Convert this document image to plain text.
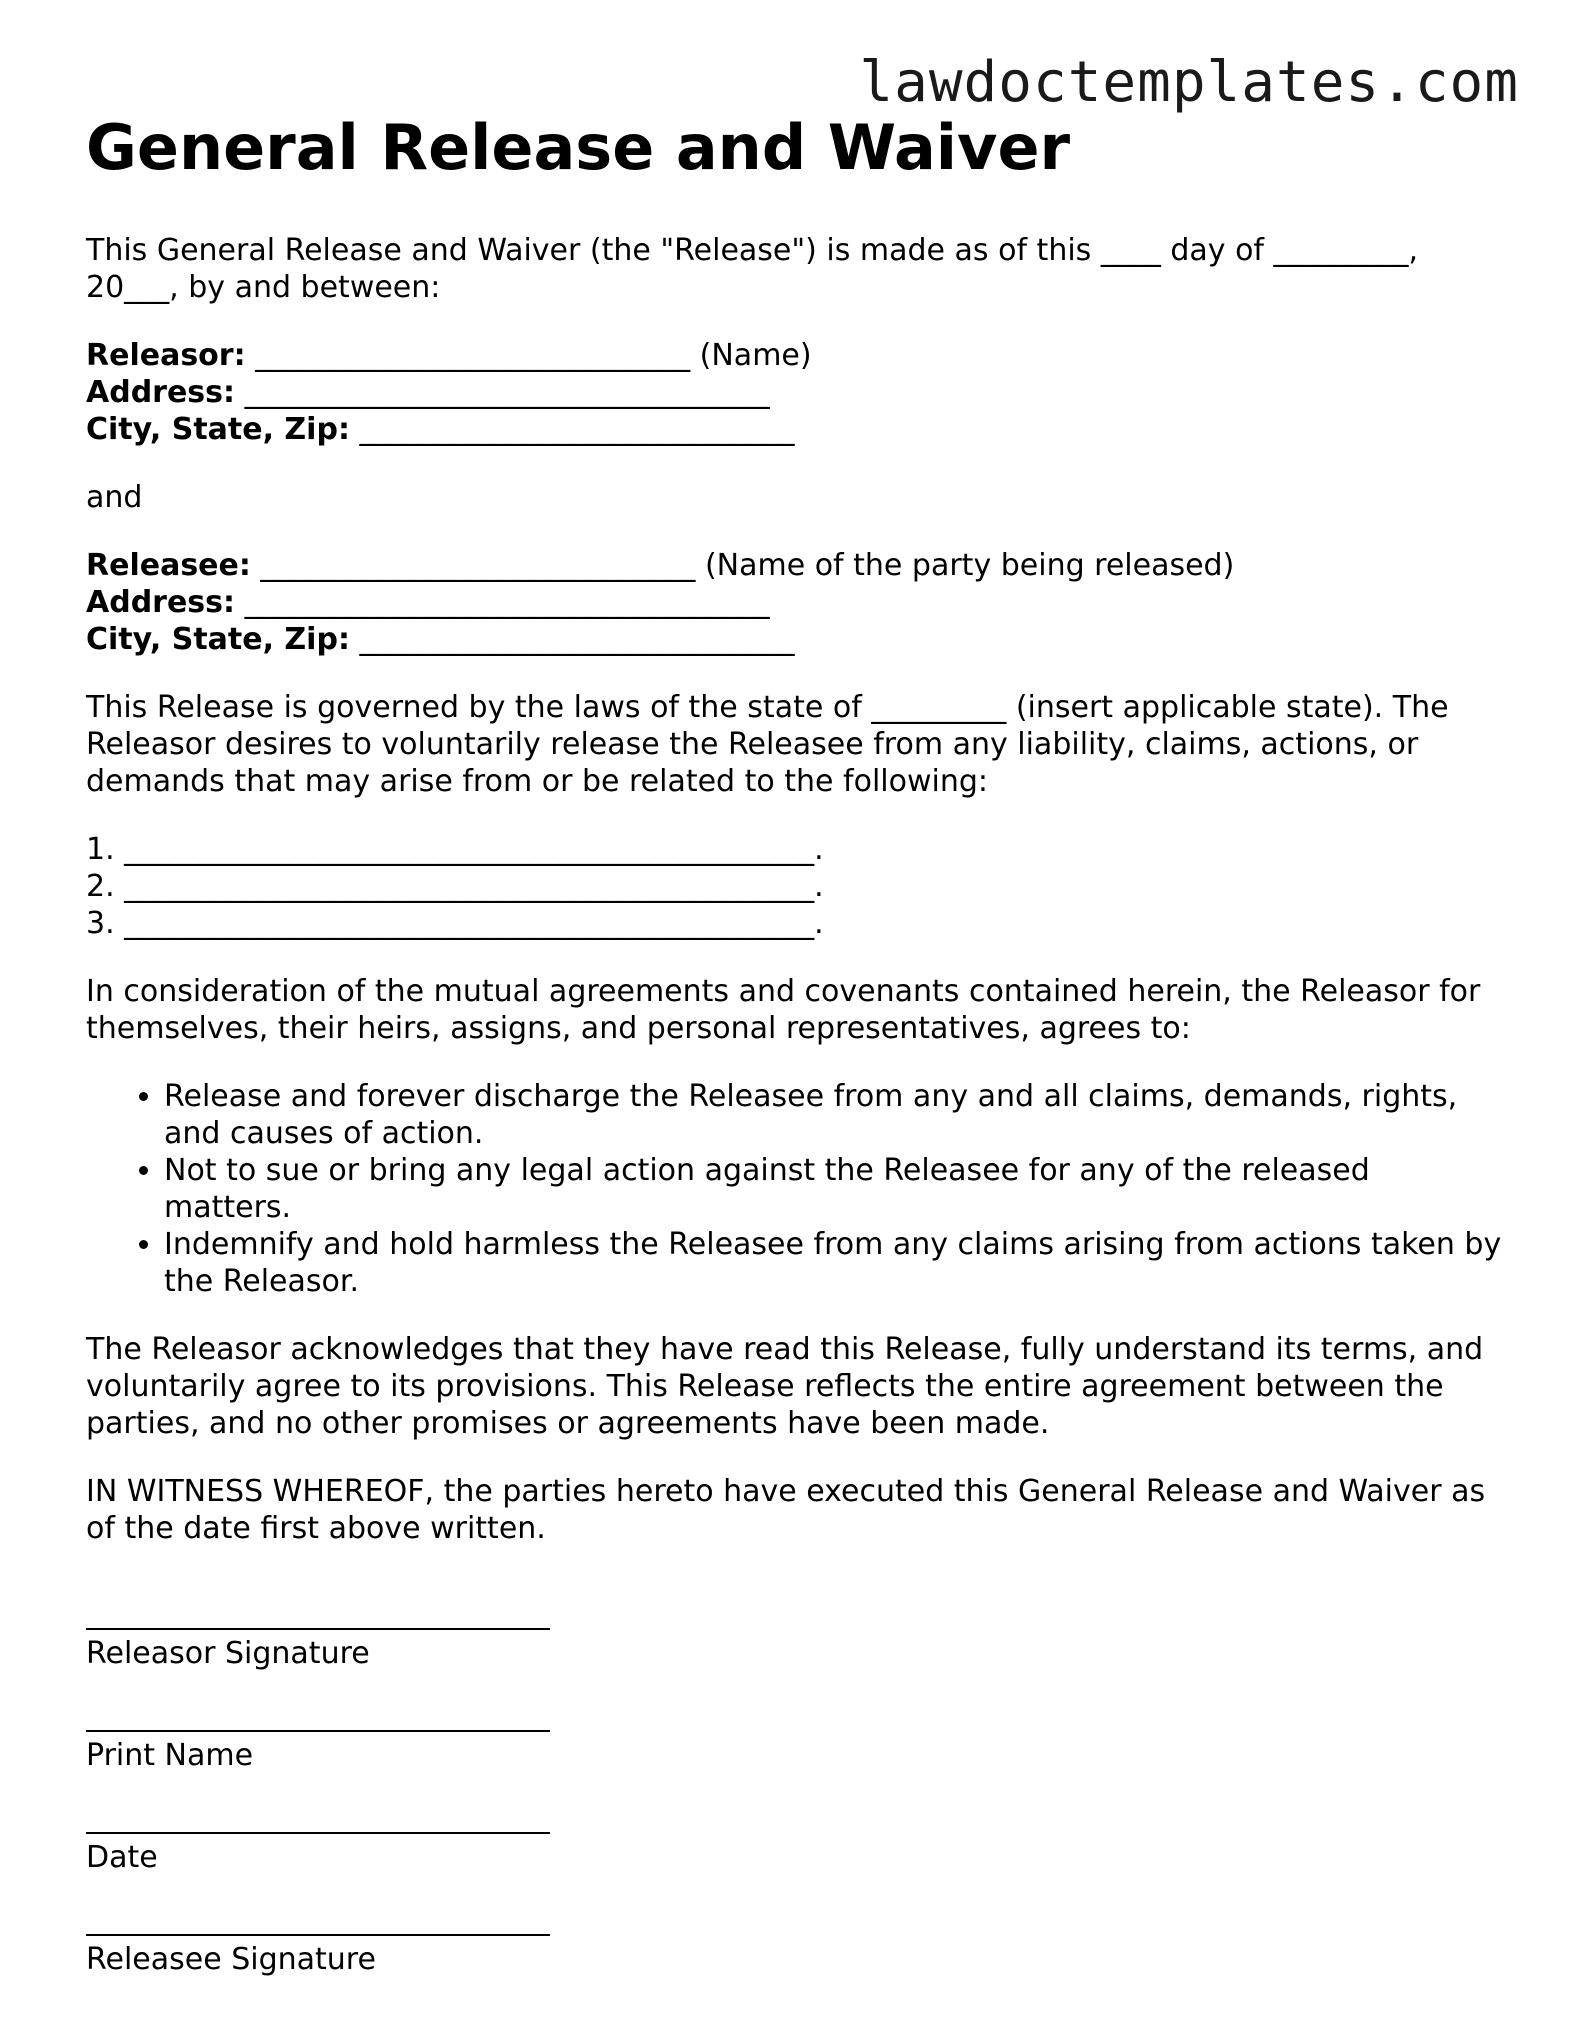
lawdoctemplates.com
General Release and Waiver

This General Release and Waiver (the "Release") is made as of this ____ day of _________, 20___, by and between:

Releasor: _____________________________ (Name)
Address: ___________________________________
City, State, Zip: _____________________________

and

Releasee: _____________________________ (Name of the party being released)
Address: ___________________________________
City, State, Zip: _____________________________

This Release is governed by the laws of the state of _________ (insert applicable state). The Releasor desires to voluntarily release the Releasee from any liability, claims, actions, or demands that may arise from or be related to the following:

1. ______________________________________________.
2. ______________________________________________.
3. ______________________________________________.

In consideration of the mutual agreements and covenants contained herein, the Releasor for themselves, their heirs, assigns, and personal representatives, agrees to:

• Release and forever discharge the Releasee from any and all claims, demands, rights, and causes of action.
• Not to sue or bring any legal action against the Releasee for any of the released matters.
• Indemnify and hold harmless the Releasee from any claims arising from actions taken by the Releasor.

The Releasor acknowledges that they have read this Release, fully understand its terms, and voluntarily agree to its provisions. This Release reflects the entire agreement between the parties, and no other promises or agreements have been made.

IN WITNESS WHEREOF, the parties hereto have executed this General Release and Waiver as of the date first above written.

Releasor Signature
Print Name
Date
Releasee Signature
